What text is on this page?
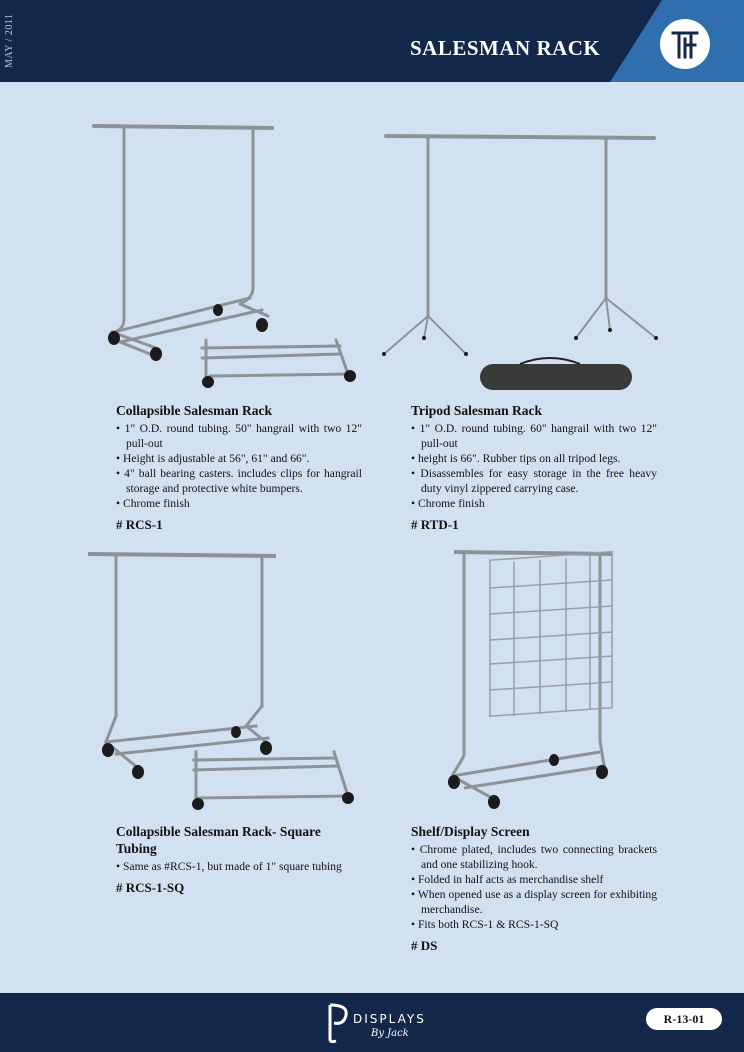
MAY / 2011	SALESMAN RACK
Collapsible Salesman Rack
• 1" O.D. round tubing. 50" hangrail with two 12" pull-out
• Height is adjustable at 56", 61" and 66".
• 4" ball bearing casters. includes clips for hangrail storage and protective white bumpers.
• Chrome finish
# RCS-1
Tripod Salesman Rack
• 1" O.D. round tubing. 60" hangrail with two 12" pull-out
• height is 66". Rubber tips on all tripod legs.
• Disassembles for easy storage in the free heavy duty vinyl zippered carrying case.
• Chrome finish
# RTD-1
Collapsible Salesman Rack- Square Tubing
• Same as #RCS-1, but made of 1" square tubing
# RCS-1-SQ
Shelf/Display Screen
• Chrome plated, includes two connecting brackets and one stabilizing hook.
• Folded in half acts as merchandise shelf
• When opened use as a display screen for exhibiting merchandise.
• Fits both RCS-1 & RCS-1-SQ
# DS
DISPLAYS
By Jack
R-13-01
